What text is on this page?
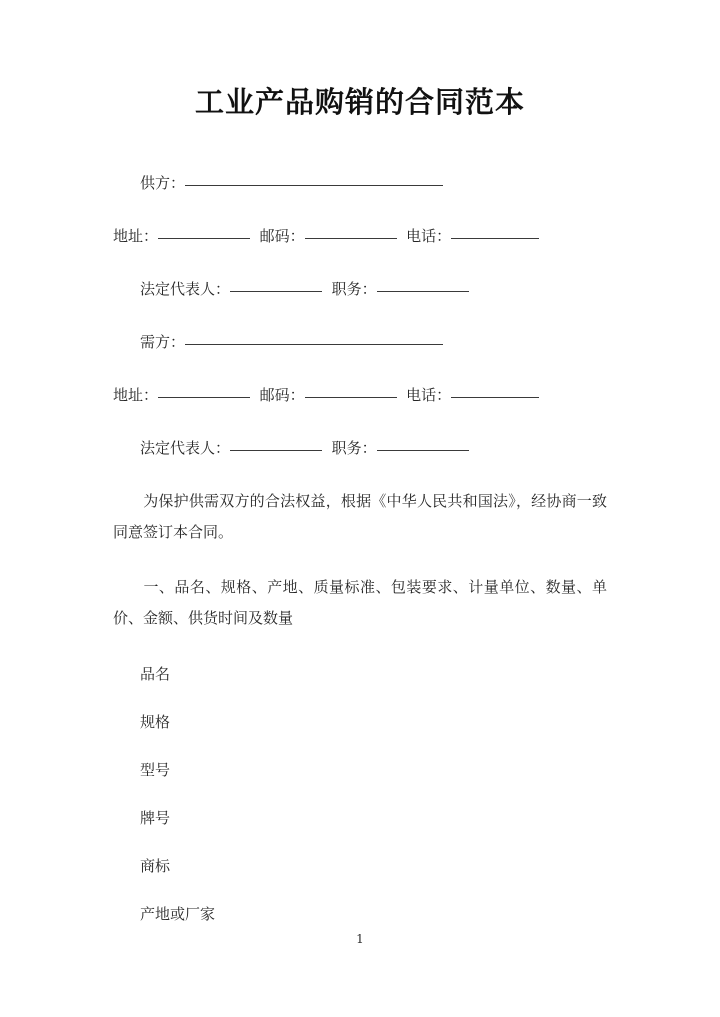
工业产品购销的合同范本
供方：
地址：	邮码：	电话：
法定代表人：	职务：
需方：
地址：	邮码：	电话：
法定代表人：	职务：

为保护供需双方的合法权益，根据《中华人民共和国法》，经协商一致同意签订本合同。

一、品名、规格、产地、质量标准、包装要求、计量单位、数量、单价、金额、供货时间及数量

品名
规格
型号
牌号
商标
产地或厂家
1
